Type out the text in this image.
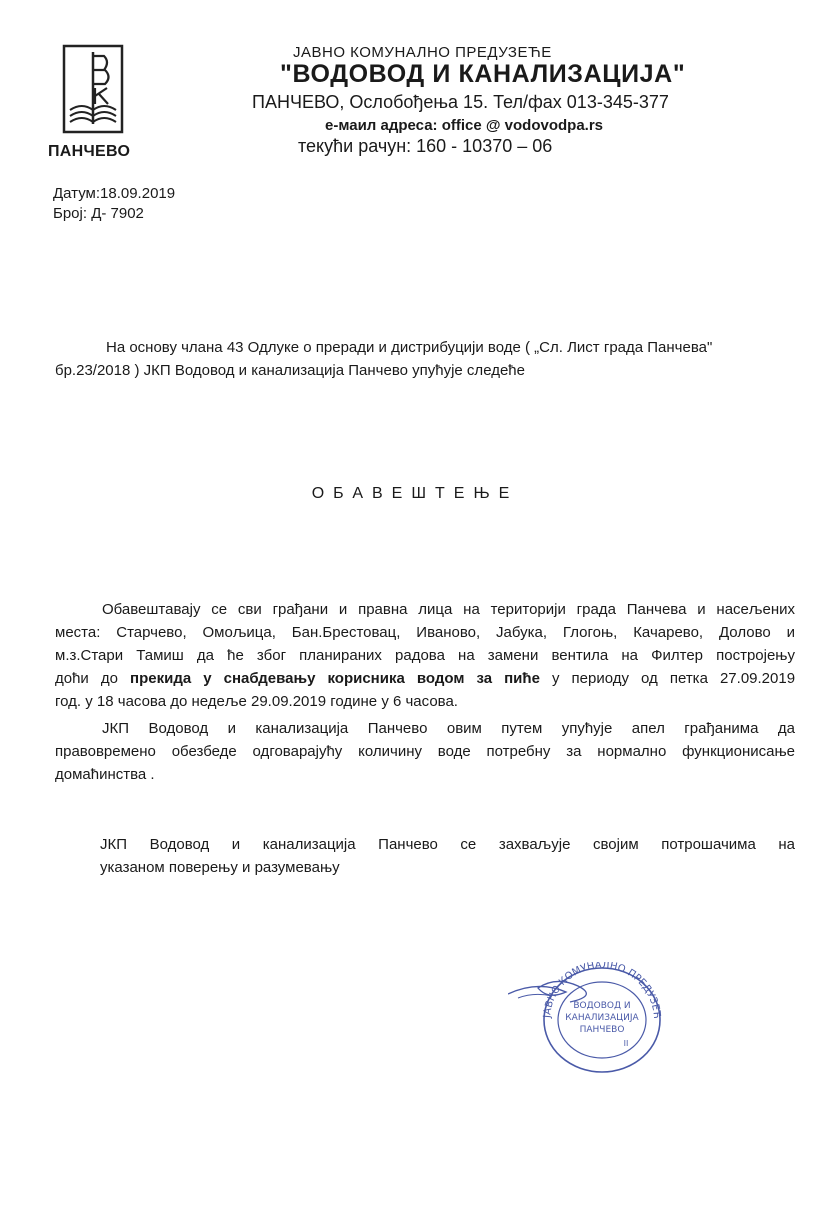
ПАНЧЕВО
ЈАВНО КОМУНАЛНО ПРЕДУЗЕЋЕ
"ВОДОВОД И КАНАЛИЗАЦИЈА"
ПАНЧЕВО, Ослобођења 15. Тел/фах 013-345-377
е-маил адреса: office @ vodovodpa.rs
текући рачун: 160 - 10370 – 06
Датум:18.09.2019
Број: Д- 7902
На основу члана 43 Одлуке о преради и дистрибуцији воде ( „Сл. Лист града Панчева"
бр.23/2018 ) ЈКП Водовод и канализација Панчево упућује следеће
ОБАВЕШТЕЊЕ
Обавештавају се сви грађани и правна лица на територији града Панчева и насељених
места: Старчево, Омољица, Бан.Брестовац, Иваново, Јабука, Глогоњ, Качарево, Долово и
м.з.Стари Тамиш да ће због планираних радова на замени вентила на Филтер постројењу
доћи до прекида у снабдевању корисника водом за пиће у периоду од петка 27.09.2019
год. у 18 часова до недеље 29.09.2019 године у 6 часова.
ЈКП Водовод и канализација Панчево овим путем упућује апел грађанима да
правовремено обезбеде одговарајућу количину воде потребну за нормално функционисање
домаћинства .
ЈКП Водовод и канализација Панчево се захваљује својим потрошачима на
указаном поверењу и разумевању
ЈАВНО КОМУНАЛНО ПРЕДУЗЕЋ
ВОДОВОД И
КАНАЛИЗАЦИЈА
ПАНЧЕВО
II
